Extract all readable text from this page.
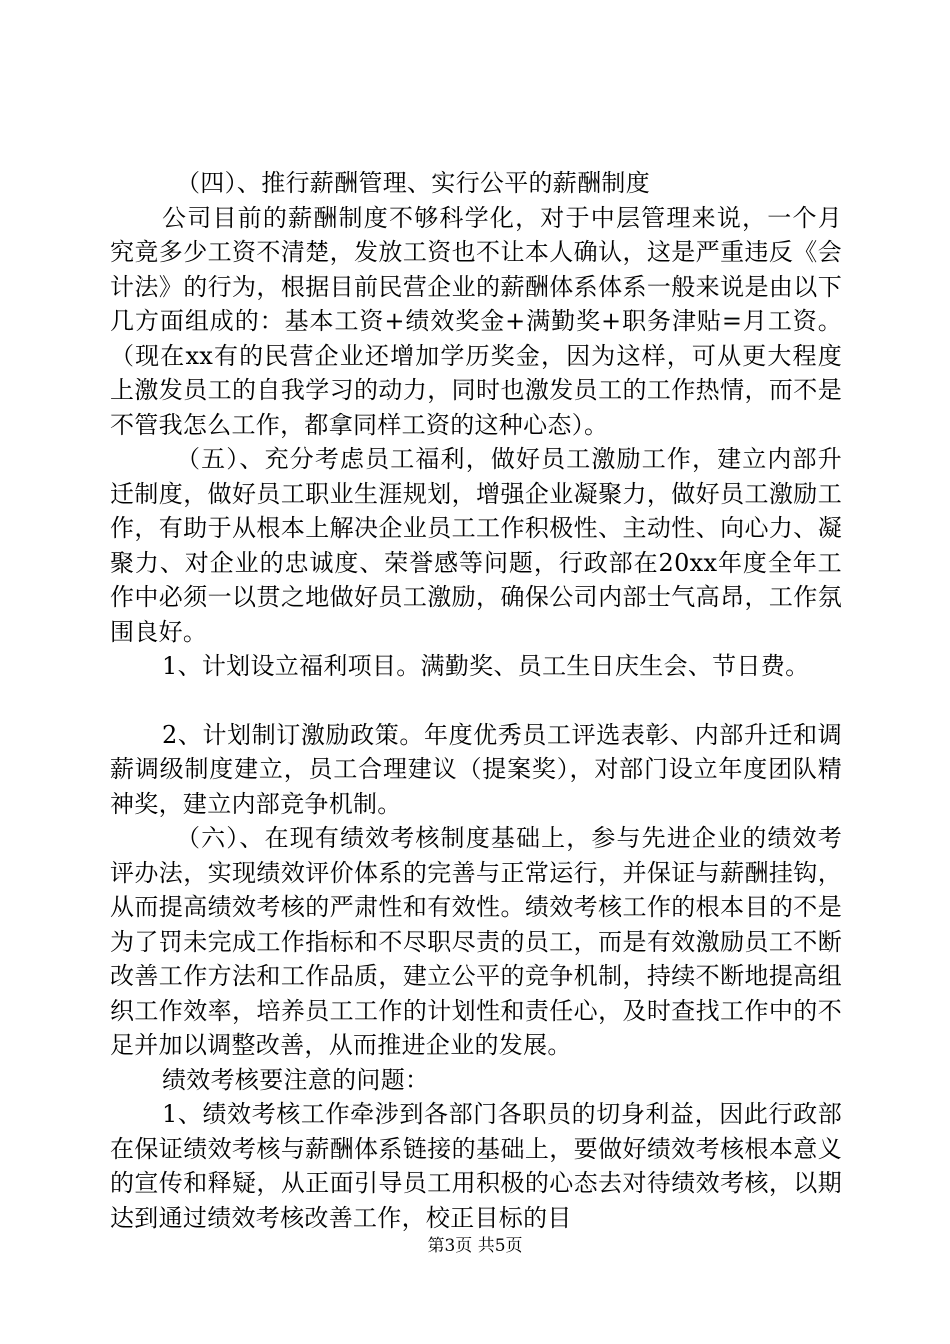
（四）、推行薪酬管理、实行公平的薪酬制度

公司目前的薪酬制度不够科学化，对于中层管理来说，一个月究竟多少工资不清楚，发放工资也不让本人确认，这是严重违反《会计法》的行为，根据目前民营企业的薪酬体系体系一般来说是由以下几方面组成的：基本工资+绩效奖金+满勤奖+职务津贴=月工资。（现在xx有的民营企业还增加学历奖金，因为这样，可从更大程度上激发员工的自我学习的动力，同时也激发员工的工作热情，而不是不管我怎么工作，都拿同样工资的这种心态）。

（五）、充分考虑员工福利，做好员工激励工作，建立内部升迁制度，做好员工职业生涯规划，增强企业凝聚力，做好员工激励工作，有助于从根本上解决企业员工工作积极性、主动性、向心力、凝聚力、对企业的忠诚度、荣誉感等问题，行政部在20xx年度全年工作中必须一以贯之地做好员工激励，确保公司内部士气高昂，工作氛围良好。

1、计划设立福利项目。满勤奖、员工生日庆生会、节日费。

2、计划制订激励政策。年度优秀员工评选表彰、内部升迁和调薪调级制度建立，员工合理建议（提案奖），对部门设立年度团队精神奖，建立内部竞争机制。

（六）、在现有绩效考核制度基础上，参与先进企业的绩效考评办法，实现绩效评价体系的完善与正常运行，并保证与薪酬挂钩，从而提高绩效考核的严肃性和有效性。绩效考核工作的根本目的不是为了罚未完成工作指标和不尽职尽责的员工，而是有效激励员工不断改善工作方法和工作品质，建立公平的竞争机制，持续不断地提高组织工作效率，培养员工工作的计划性和责任心，及时查找工作中的不足并加以调整改善，从而推进企业的发展。

绩效考核要注意的问题：

1、绩效考核工作牵涉到各部门各职员的切身利益，因此行政部在保证绩效考核与薪酬体系链接的基础上，要做好绩效考核根本意义的宣传和释疑，从正面引导员工用积极的心态去对待绩效考核，以期达到通过绩效考核改善工作，校正目标的目

第3页 共5页
